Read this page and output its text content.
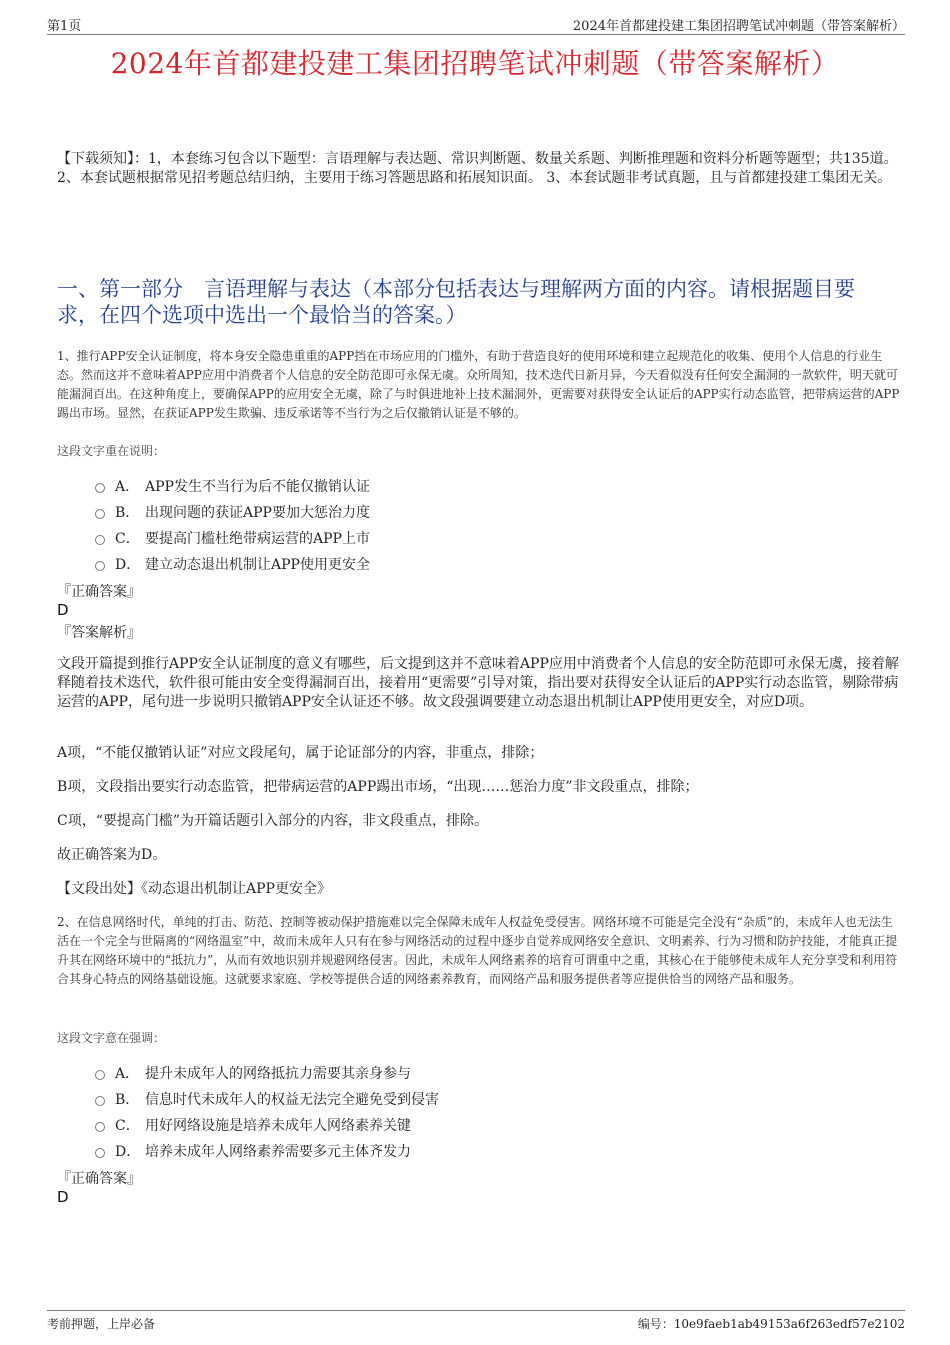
第1页	2024年首都建投建工集团招聘笔试冲刺题（带答案解析）
2024年首都建投建工集团招聘笔试冲刺题（带答案解析）
【下载须知】：1，本套练习包含以下题型：言语理解与表达题、常识判断题、数量关系题、判断推理题和资料分析题等题型；共135道。 2、本套试题根据常见招考题总结归纳，主要用于练习答题思路和拓展知识面。 3、本套试题非考试真题，且与首都建投建工集团无关。
一、第一部分　言语理解与表达（本部分包括表达与理解两方面的内容。请根据题目要求，在四个选项中选出一个最恰当的答案。）
1、推行APP安全认证制度，将本身安全隐患重重的APP挡在市场应用的门槛外，有助于营造良好的使用环境和建立起规范化的收集、使用个人信息的行业生态。然而这并不意味着APP应用中消费者个人信息的安全防范即可永保无虞。众所周知，技术迭代日新月异，今天看似没有任何安全漏洞的一款软件，明天就可能漏洞百出。在这种角度上，要确保APP的应用安全无虞，除了与时俱进地补上技术漏洞外，更需要对获得安全认证后的APP实行动态监管，把带病运营的APP踢出市场。显然，在获证APP发生欺骗、违反承诺等不当行为之后仅撤销认证是不够的。
这段文字重在说明：
A． APP发生不当行为后不能仅撤销认证
B． 出现问题的获证APP要加大惩治力度
C． 要提高门槛杜绝带病运营的APP上市
D． 建立动态退出机制让APP使用更安全
『正确答案』
D
『答案解析』
文段开篇提到推行APP安全认证制度的意义有哪些，后文提到这并不意味着APP应用中消费者个人信息的安全防范即可永保无虞，接着解释随着技术迭代，软件很可能由安全变得漏洞百出，接着用“更需要”引导对策，指出要对获得安全认证后的APP实行动态监管，剔除带病运营的APP，尾句进一步说明只撤销APP安全认证还不够。故文段强调要建立动态退出机制让APP使用更安全，对应D项。
A项，“不能仅撤销认证”对应文段尾句，属于论证部分的内容，非重点，排除；
B项，文段指出要实行动态监管，把带病运营的APP踢出市场，“出现……惩治力度”非文段重点，排除；
C项，“要提高门槛”为开篇话题引入部分的内容，非文段重点，排除。
故正确答案为D。
【文段出处】《动态退出机制让APP更安全》
2、在信息网络时代，单纯的打击、防范、控制等被动保护措施难以完全保障未成年人权益免受侵害。网络环境不可能是完全没有“杂质”的，未成年人也无法生活在一个完全与世隔离的“网络温室”中，故而未成年人只有在参与网络活动的过程中逐步自觉养成网络安全意识、文明素养、行为习惯和防护技能，才能真正提升其在网络环境中的“抵抗力”，从而有效地识别并规避网络侵害。因此，未成年人网络素养的培育可谓重中之重，其核心在于能够使未成年人充分享受和利用符合其身心特点的网络基础设施。这就要求家庭、学校等提供合适的网络素养教育，而网络产品和服务提供者等应提供恰当的网络产品和服务。
这段文字意在强调：
A． 提升未成年人的网络抵抗力需要其亲身参与
B． 信息时代未成年人的权益无法完全避免受到侵害
C． 用好网络设施是培养未成年人网络素养关键
D． 培养未成年人网络素养需要多元主体齐发力
『正确答案』
D
考前押题，上岸必备	编号：10e9faeb1ab49153a6f263edf57e2102
